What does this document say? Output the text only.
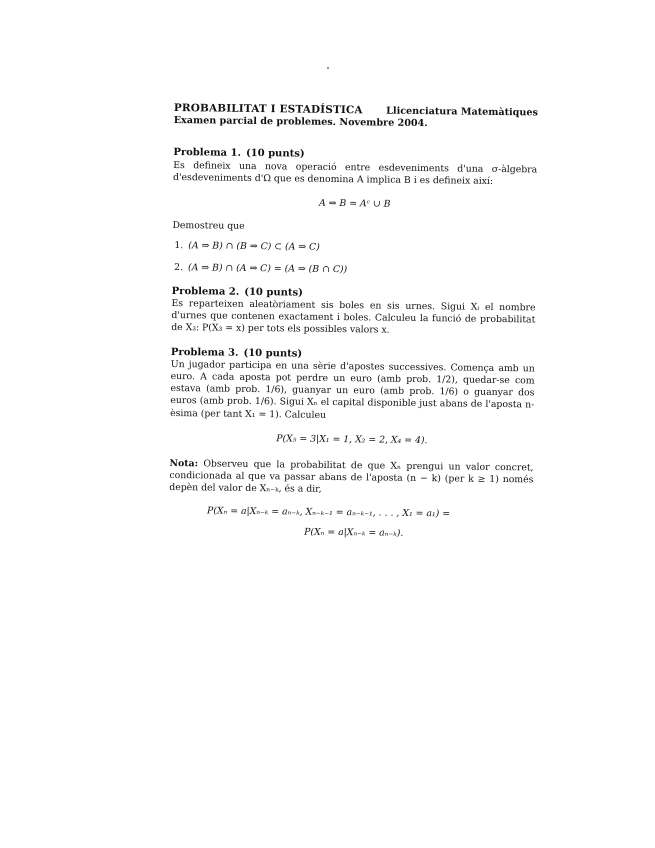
PROBABILITAT I ESTADÍSTICA Llicenciatura Matemàtiques
Examen parcial de problemes. Novembre 2004.
Problema 1. (10 punts)
Es defineix una nova operació entre esdeveniments d'una σ-àlgebra d'esdeveniments d'Ω que es denomina A implica B i es defineix així:
A ⇒ B = Aᶜ ∪ B
Demostreu que
1. (A ⇒ B) ∩ (B ⇒ C) ⊂ (A ⇒ C)
2. (A ⇒ B) ∩ (A ⇒ C) = (A ⇒ (B ∩ C))
Problema 2. (10 punts)
Es reparteixen aleatòriament sis boles en sis urnes. Sigui Xᵢ el nombre d'urnes que contenen exactament i boles. Calculeu la funció de probabilitat de X₃: P(X₃ = x) per tots els possibles valors x.
Problema 3. (10 punts)
Un jugador participa en una sèrie d'apostes successives. Comença amb un euro. A cada aposta pot perdre un euro (amb prob. 1/2), quedar-se com estava (amb prob. 1/6), guanyar un euro (amb prob. 1/6) o guanyar dos euros (amb prob. 1/6). Sigui Xₙ el capital disponible just abans de l'aposta n-èsima (per tant X₁ = 1). Calculeu
P(X₅ = 3|X₁ = 1, X₂ = 2, X₄ = 4).
Nota: Observeu que la probabilitat de que Xₙ prengui un valor concret, condicionada al que va passar abans de l'aposta (n − k) (per k ≥ 1) només depèn del valor de Xₙ₋ₖ, és a dir,
P(Xₙ = a|Xₙ₋ₖ = aₙ₋ₖ, Xₙ₋ₖ₋₁ = aₙ₋ₖ₋₁, . . . , X₁ = a₁) =
P(Xₙ = a|Xₙ₋ₖ = aₙ₋ₖ).
